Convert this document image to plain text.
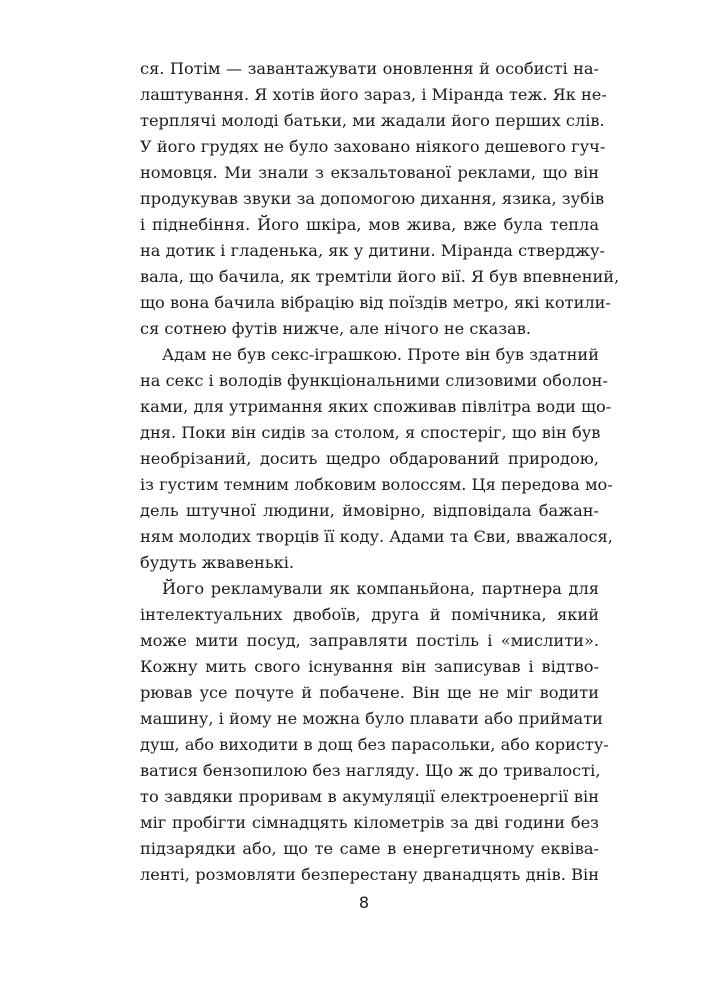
ся. Потім — завантажувати оновлення й особисті на-
лаштування. Я хотів його зараз, і Міранда теж. Як не-
терплячі молоді батьки, ми жадали його перших слів.
У його грудях не було заховано ніякого дешевого гуч-
номовця. Ми знали з екзальтованої реклами, що він
продукував звуки за допомогою дихання, язика, зубів
і піднебіння. Його шкіра, мов жива, вже була тепла
на дотик і гладенька, як у дитини. Міранда стверджу-
вала, що бачила, як тремтіли його вії. Я був впевнений,
що вона бачила вібрацію від поїздів метро, які котили-
ся сотнею футів нижче, але нічого не сказав.
Адам не був секс-іграшкою. Проте він був здатний
на секс і володів функціональними слизовими оболон-
ками, для утримання яких споживав півлітра води що-
дня. Поки він сидів за столом, я спостеріг, що він був
необрізаний, досить щедро обдарований природою,
із густим темним лобковим волоссям. Ця передова мо-
дель штучної людини, ймовірно, відповідала бажан-
ням молодих творців її коду. Адами та Єви, вважалося,
будуть жвавенькі.
Його рекламували як компаньйона, партнера для
інтелектуальних двобоїв, друга й помічника, який
може мити посуд, заправляти постіль і «мислити».
Кожну мить свого існування він записував і відтво-
рював усе почуте й побачене. Він ще не міг водити
машину, і йому не можна було плавати або приймати
душ, або виходити в дощ без парасольки, або користу-
ватися бензопилою без нагляду. Що ж до тривалості,
то завдяки проривам в акумуляції електроенергії він
міг пробігти сімнадцять кілометрів за дві години без
підзарядки або, що те саме в енергетичному еквіва-
ленті, розмовляти безперестану дванадцять днів. Він
8
